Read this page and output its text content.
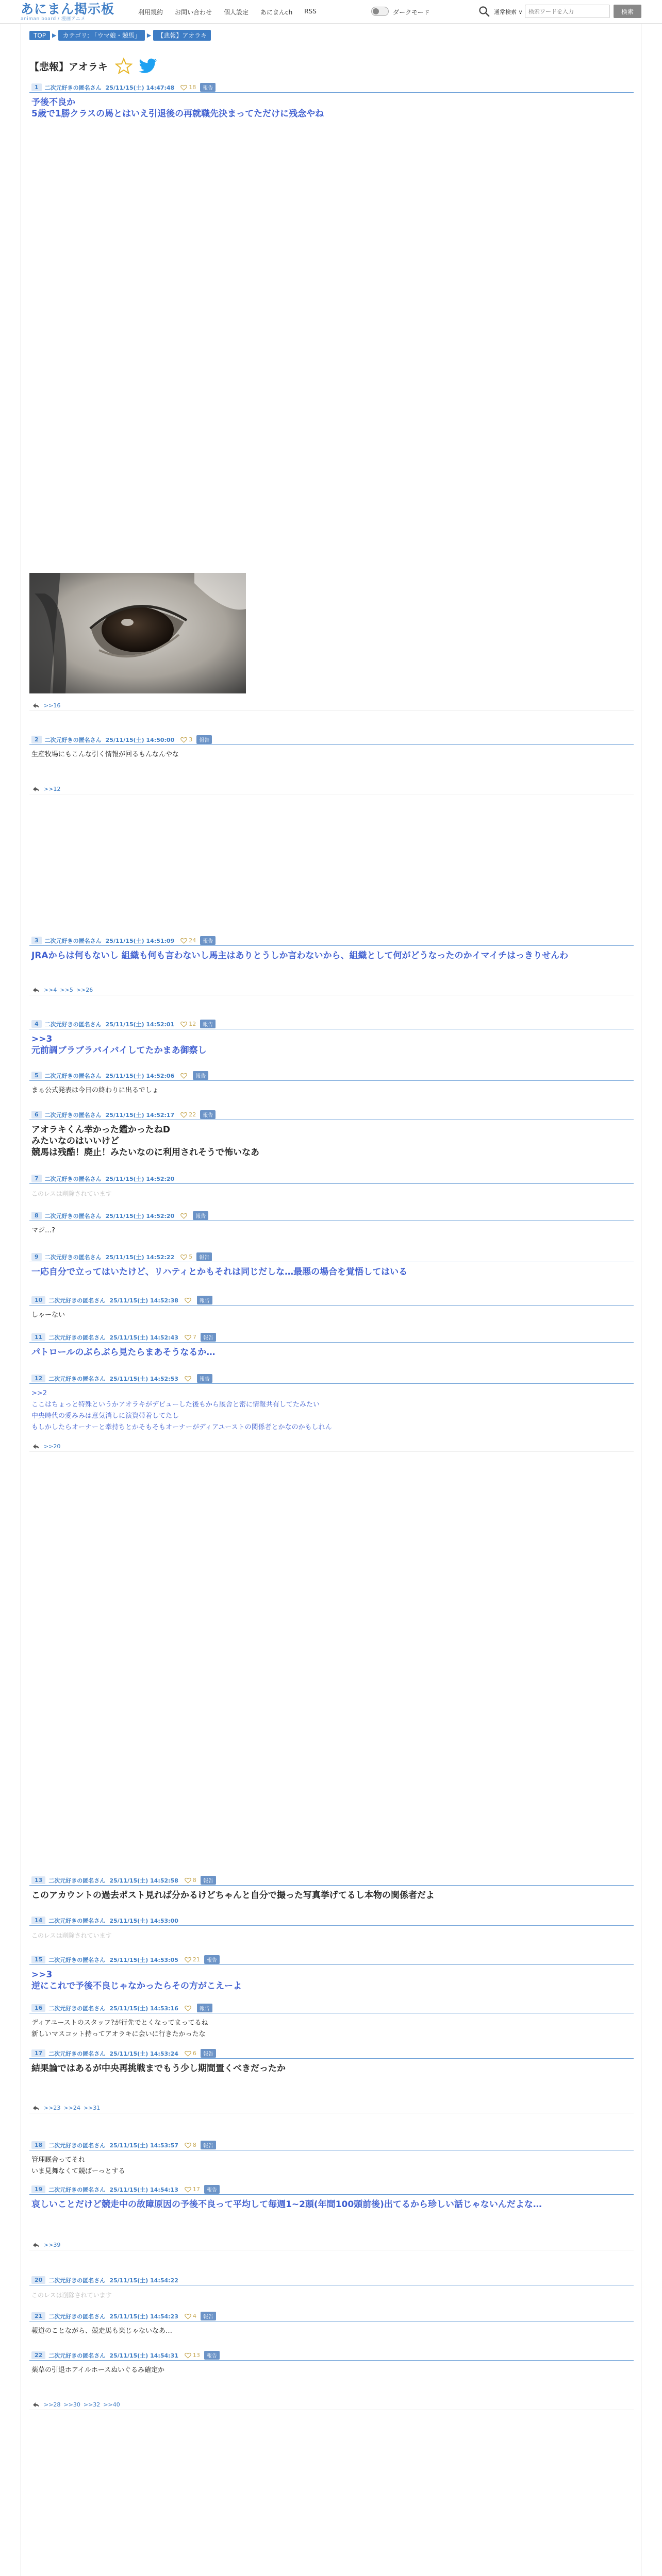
あにまん掲示板
animan board / 漫画アニメ
利用規約 お問い合わせ 個人設定 あにまんch RSS	ダークモード	通常検索 ∨
検索ワードを入力	検索
TOP	▶	カテゴリ: 「ウマ娘・競馬」	▶	【悲報】アオラキ
【悲報】アオラキ
1	二次元好きの匿名さん 25/11/15(土) 14:47:48	18	報告
予後不良か
5歳で1勝クラスの馬とはいえ引退後の再就職先決まってただけに残念やね
>>16
2	二次元好きの匿名さん 25/11/15(土) 14:50:00	3	報告
生産牧場にもこんな引く情報が回るもんなんやな
>>12
3	二次元好きの匿名さん 25/11/15(土) 14:51:09	24	報告
JRAからは何もないし 組織も何も言わないし馬主はありとうしか言わないから、組織として何がどうなったのかイマイチはっきりせんわ
>>4 >>5 >>26
4	二次元好きの匿名さん 25/11/15(土) 14:52:01	12	報告
>>3
元前調ブラブラバイバイしてたかまあ御察し
5	二次元好きの匿名さん 25/11/15(土) 14:52:06	報告
まぁ公式発表は今日の終わりに出るでしょ
6	二次元好きの匿名さん 25/11/15(土) 14:52:17	22	報告
アオラキくん幸かった鑑かったねD
みたいなのはいいけど
競馬は残酷！廃止！みたいなのに利用されそうで怖いなあ
7	二次元好きの匿名さん 25/11/15(土) 14:52:20
このレスは削除されています
8	二次元好きの匿名さん 25/11/15(土) 14:52:20	報告
マジ…?
9	二次元好きの匿名さん 25/11/15(土) 14:52:22	5	報告
一応自分で立ってはいたけど、リハティとかもそれは同じだしな…最悪の場合を覚悟してはいる
10	二次元好きの匿名さん 25/11/15(土) 14:52:38	報告
しゃーない
11	二次元好きの匿名さん 25/11/15(土) 14:52:43	7	報告
パトロールのぶらぶら見たらまあそうなるか…
12	二次元好きの匿名さん 25/11/15(土) 14:52:53	報告
>>2
ここはちょっと特殊というかアオラキがデビューした後もから厩舎と密に情報共有してたみたい
中央時代の愛みみは意気消しに演資帯着してたし
もしかしたらオーナーと牽持ちとかそもそもオーナーがディアユーストの関係者とかなのかもしれん
>>20
13	二次元好きの匿名さん 25/11/15(土) 14:52:58	8	報告
このアカウントの過去ポスト見れば分かるけどちゃんと自分で撮った写真挙げてるし本物の関係者だよ
14	二次元好きの匿名さん 25/11/15(土) 14:53:00
このレスは削除されています
15	二次元好きの匿名さん 25/11/15(土) 14:53:05	21	報告
>>3
逆にこれで予後不良じゃなかったらその方がこえーよ
16	二次元好きの匿名さん 25/11/15(土) 14:53:16	報告
ディアユーストのスタッフ?が行先でとくなってまってるね
新しいマスコット持ってアオラキに会いに行きたかったな
17	二次元好きの匿名さん 25/11/15(土) 14:53:24	6	報告
結果論ではあるが中央再挑戦までもう少し期間置くべきだったか
>>23 >>24 >>31
18	二次元好きの匿名さん 25/11/15(土) 14:53:57	8	報告
管理厩舎ってそれ
いま見舞なくて競ばーっとする
19	二次元好きの匿名さん 25/11/15(土) 14:54:13	17	報告
哀しいことだけど競走中の故障原因の予後不良って平均して毎週1~2頭(年間100頭前後)出てるから珍しい話じゃないんだよな…
>>39
20	二次元好きの匿名さん 25/11/15(土) 14:54:22
このレスは削除されています
21	二次元好きの匿名さん 25/11/15(土) 14:54:23	4	報告
報道のことながら、競走馬も楽じゃないなあ…
22	二次元好きの匿名さん 25/11/15(土) 14:54:31	13	報告
薬草の引退ホアイルホースぬいぐるみ確定か
>>28 >>30 >>32 >>40
